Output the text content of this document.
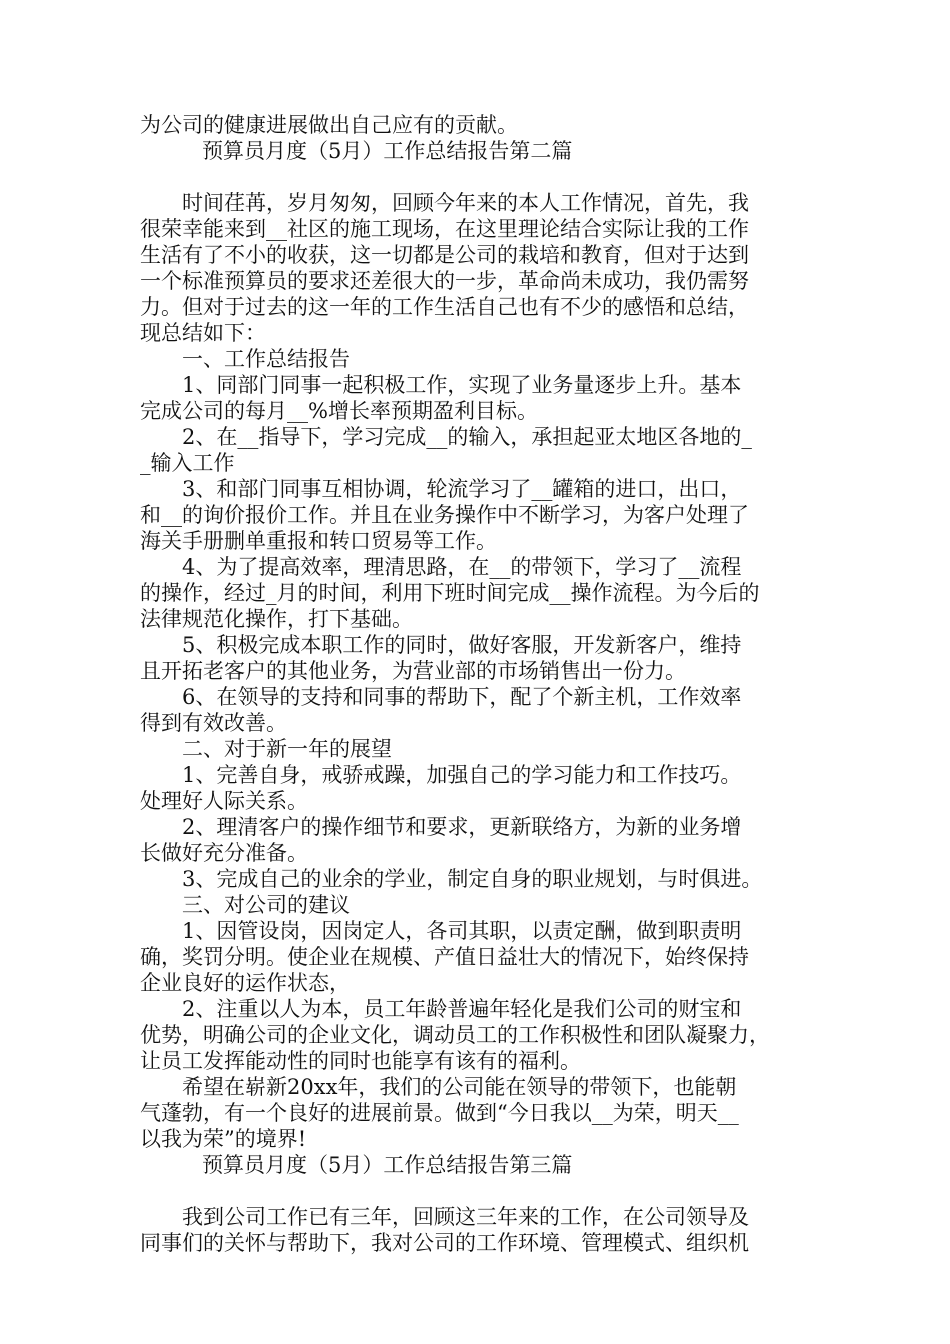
为公司的健康进展做出自己应有的贡献。
预算员月度（5月）工作总结报告第二篇
时间荏苒，岁月匆匆，回顾今年来的本人工作情况，首先，我
很荣幸能来到__社区的施工现场，在这里理论结合实际让我的工作
生活有了不小的收获，这一切都是公司的栽培和教育，但对于达到
一个标准预算员的要求还差很大的一步，革命尚未成功，我仍需努
力。但对于过去的这一年的工作生活自己也有不少的感悟和总结，
现总结如下：
一、工作总结报告
1、同部门同事一起积极工作，实现了业务量逐步上升。基本
完成公司的每月__%增长率预期盈利目标。
2、在__指导下，学习完成__的输入，承担起亚太地区各地的_
_输入工作
3、和部门同事互相协调，轮流学习了__罐箱的进口，出口，
和__的询价报价工作。并且在业务操作中不断学习，为客户处理了
海关手册删单重报和转口贸易等工作。
4、为了提高效率，理清思路，在__的带领下，学习了__流程
的操作，经过_月的时间，利用下班时间完成__操作流程。为今后的
法律规范化操作，打下基础。
5、积极完成本职工作的同时，做好客服，开发新客户，维持
且开拓老客户的其他业务，为营业部的市场销售出一份力。
6、在领导的支持和同事的帮助下，配了个新主机，工作效率
得到有效改善。
二、对于新一年的展望
1、完善自身，戒骄戒躁，加强自己的学习能力和工作技巧。
处理好人际关系。
2、理清客户的操作细节和要求，更新联络方，为新的业务增
长做好充分准备。
3、完成自己的业余的学业，制定自身的职业规划，与时俱进。
三、对公司的建议
1、因管设岗，因岗定人，各司其职，以责定酬，做到职责明
确，奖罚分明。使企业在规模、产值日益壮大的情况下，始终保持
企业良好的运作状态，
2、注重以人为本，员工年龄普遍年轻化是我们公司的财宝和
优势，明确公司的企业文化，调动员工的工作积极性和团队凝聚力，
让员工发挥能动性的同时也能享有该有的福利。
希望在崭新20xx年，我们的公司能在领导的带领下，也能朝
气蓬勃，有一个良好的进展前景。做到“今日我以__为荣，明天__
以我为荣”的境界!
预算员月度（5月）工作总结报告第三篇
我到公司工作已有三年，回顾这三年来的工作，在公司领导及
同事们的关怀与帮助下，我对公司的工作环境、管理模式、组织机
